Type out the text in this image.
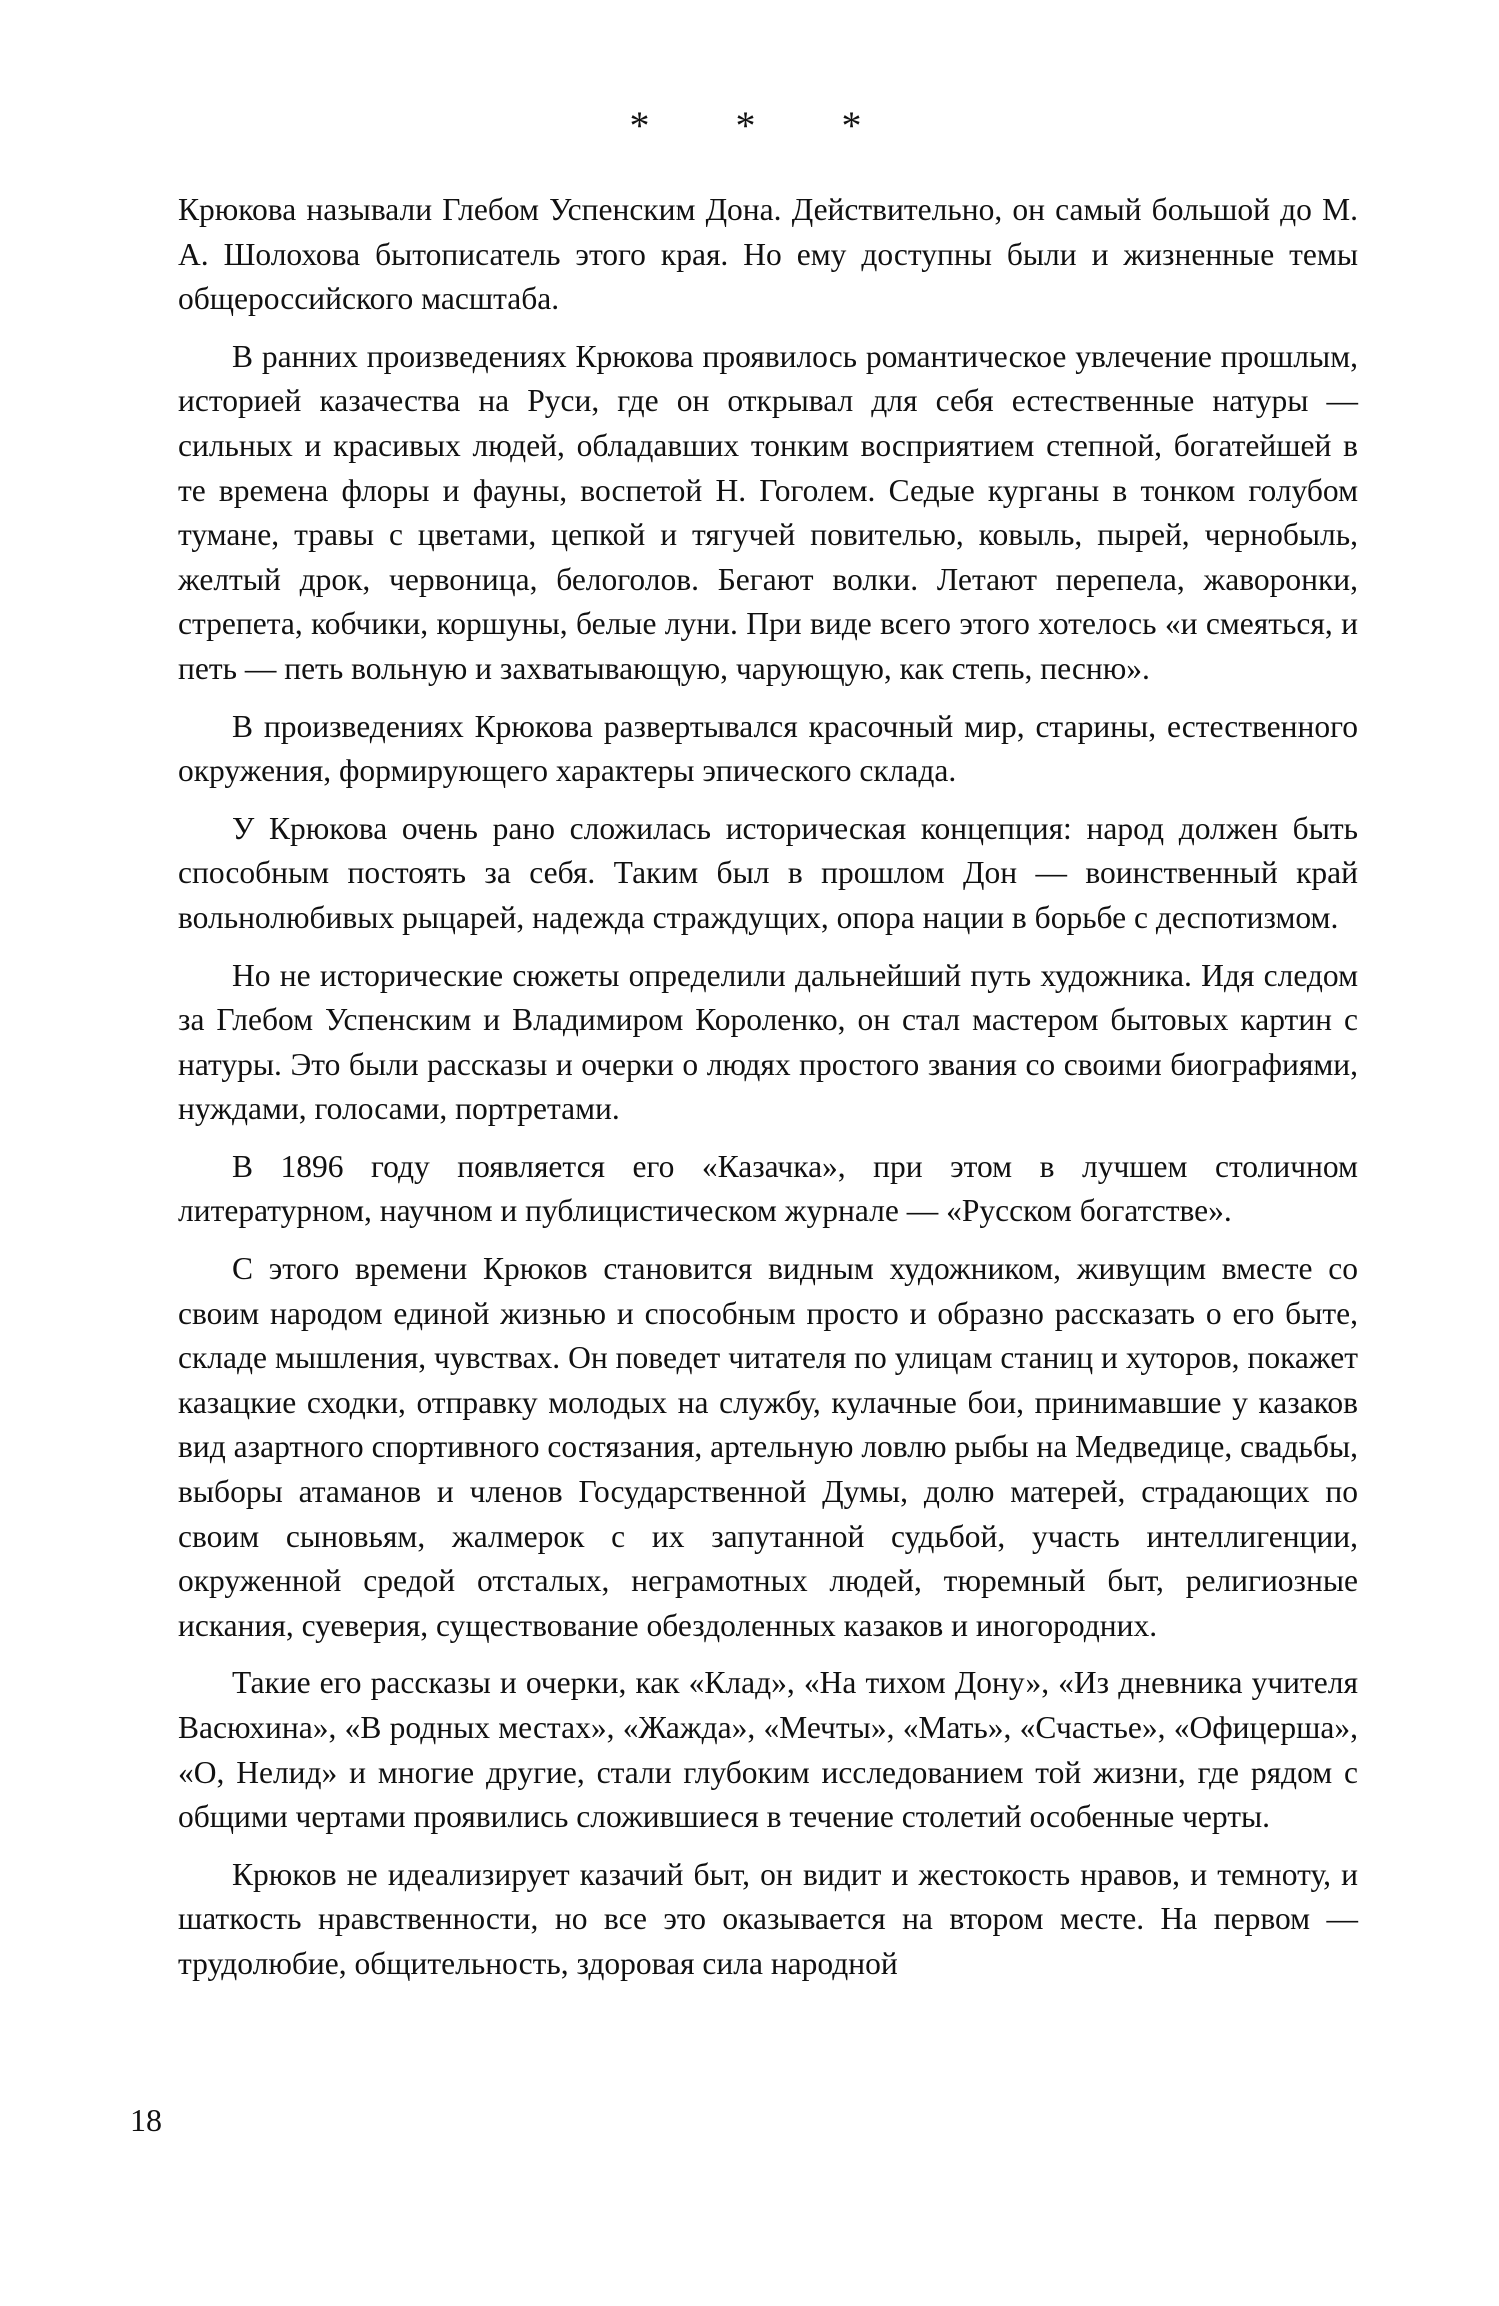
* * *

Крюкова называли Глебом Успенским Дона. Действительно, он самый большой до М. А. Шолохова бытописатель этого края. Но ему доступны были и жизненные темы общероссийского масштаба.

В ранних произведениях Крюкова проявилось романтическое увлечение прошлым, историей казачества на Руси, где он открывал для себя естественные натуры — сильных и красивых людей, обладавших тонким восприятием степной, богатейшей в те времена флоры и фауны, воспетой Н. Гоголем. Седые курганы в тонком голубом тумане, травы с цветами, цепкой и тягучей повителью, ковыль, пырей, чернобыль, желтый дрок, червоница, белоголов. Бегают волки. Летают перепела, жаворонки, стрепета, кобчики, коршуны, белые луни. При виде всего этого хотелось «и смеяться, и петь — петь вольную и захватывающую, чарующую, как степь, песню».

В произведениях Крюкова развертывался красочный мир, старины, естественного окружения, формирующего характеры эпического склада.

У Крюкова очень рано сложилась историческая концепция: народ должен быть способным постоять за себя. Таким был в прошлом Дон — воинственный край вольнолюбивых рыцарей, надежда страждущих, опора нации в борьбе с деспотизмом.

Но не исторические сюжеты определили дальнейший путь художника. Идя следом за Глебом Успенским и Владимиром Короленко, он стал мастером бытовых картин с натуры. Это были рассказы и очерки о людях простого звания со своими биографиями, нуждами, голосами, портретами.

В 1896 году появляется его «Казачка», при этом в лучшем столичном литературном, научном и публицистическом журнале — «Русском богатстве».

С этого времени Крюков становится видным художником, живущим вместе со своим народом единой жизнью и способным просто и образно рассказать о его быте, складе мышления, чувствах. Он поведет читателя по улицам станиц и хуторов, покажет казацкие сходки, отправку молодых на службу, кулачные бои, принимавшие у казаков вид азартного спортивного состязания, артельную ловлю рыбы на Медведице, свадьбы, выборы атаманов и членов Государственной Думы, долю матерей, страдающих по своим сыновьям, жалмерок с их запутанной судьбой, участь интеллигенции, окруженной средой отсталых, неграмотных людей, тюремный быт, религиозные искания, суеверия, существование обездоленных казаков и иногородних.

Такие его рассказы и очерки, как «Клад», «На тихом Дону», «Из дневника учителя Васюхина», «В родных местах», «Жажда», «Мечты», «Мать», «Счастье», «Офицерша», «О, Нелид» и многие другие, стали глубоким исследованием той жизни, где рядом с общими чертами проявились сложившиеся в течение столетий особенные черты.

Крюков не идеализирует казачий быт, он видит и жестокость нравов, и темноту, и шаткость нравственности, но все это оказывается на втором месте. На первом — трудолюбие, общительность, здоровая сила народной

18
